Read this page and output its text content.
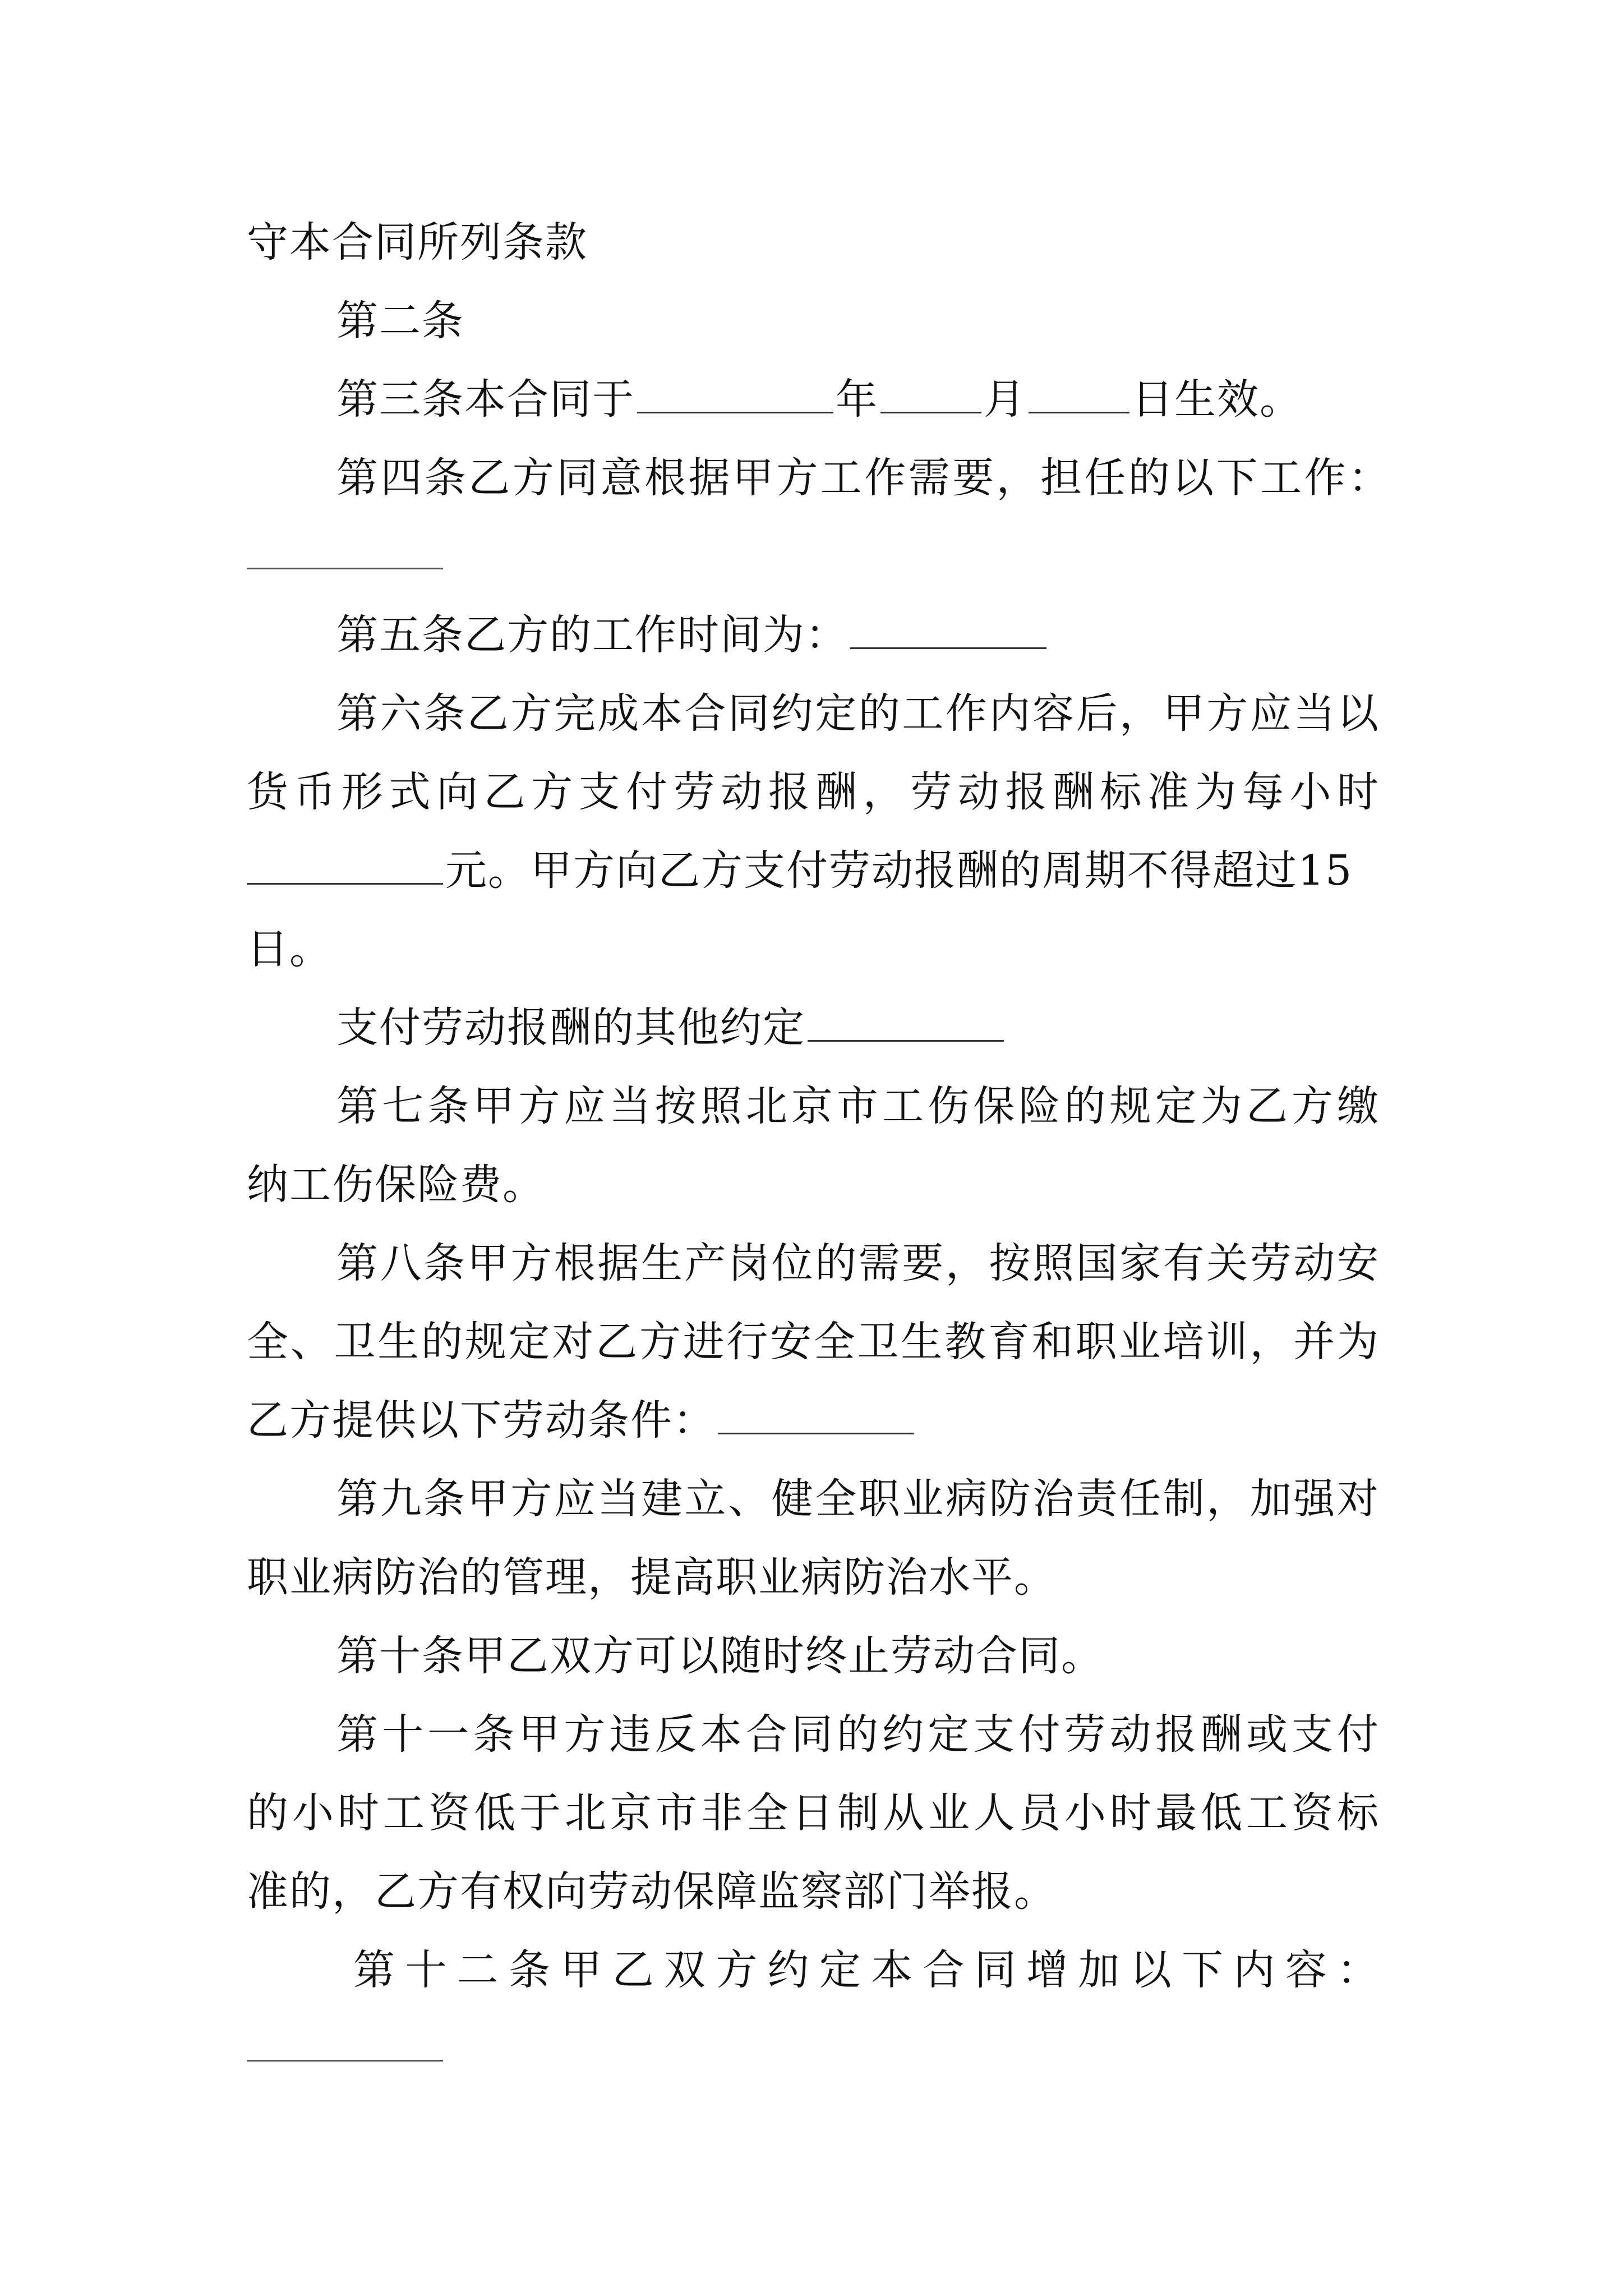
守本合同所列条款
第二条
第三条本合同于	年	月	日生效。
第四条乙方同意根据甲方工作需要，担任的以下工作：
第五条乙方的工作时间为：
第六条乙方完成本合同约定的工作内容后，甲方应当以
货币形式向乙方支付劳动报酬，劳动报酬标准为每小时
元。甲方向乙方支付劳动报酬的周期不得超过15
日。
支付劳动报酬的其他约定
第七条甲方应当按照北京市工伤保险的规定为乙方缴
纳工伤保险费。
第八条甲方根据生产岗位的需要，按照国家有关劳动安
全、卫生的规定对乙方进行安全卫生教育和职业培训，并为
乙方提供以下劳动条件：
第九条甲方应当建立、健全职业病防治责任制，加强对
职业病防治的管理，提高职业病防治水平。
第十条甲乙双方可以随时终止劳动合同。
第十一条甲方违反本合同的约定支付劳动报酬或支付
的小时工资低于北京市非全日制从业人员小时最低工资标
准的，乙方有权向劳动保障监察部门举报。
第十二条甲乙双方约定本合同增加以下内容：
